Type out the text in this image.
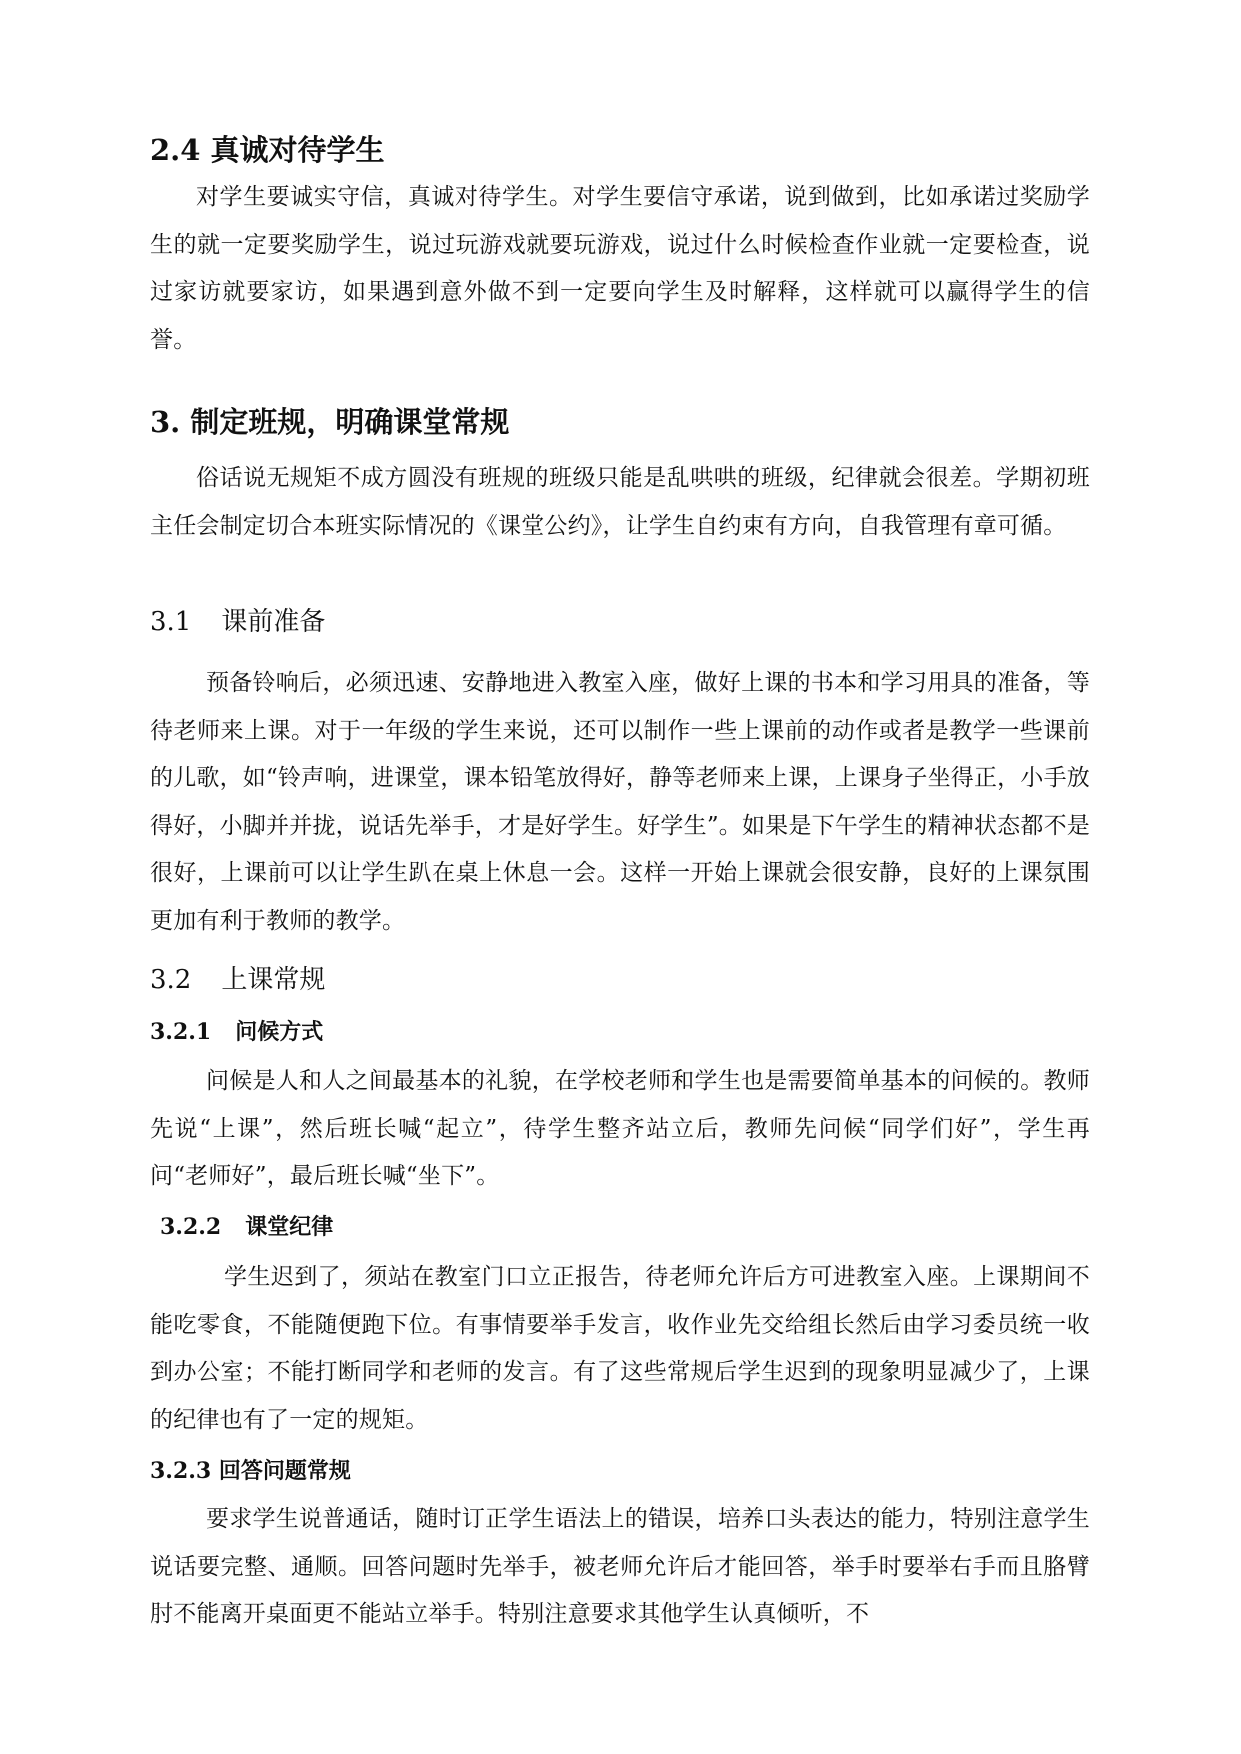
2.4 真诚对待学生

对学生要诚实守信，真诚对待学生。对学生要信守承诺，说到做到，比如承诺过奖励学生的就一定要奖励学生，说过玩游戏就要玩游戏，说过什么时候检查作业就一定要检查，说过家访就要家访，如果遇到意外做不到一定要向学生及时解释，这样就可以赢得学生的信誉。

3. 制定班规，明确课堂常规

俗话说无规矩不成方圆没有班规的班级只能是乱哄哄的班级，纪律就会很差。学期初班主任会制定切合本班实际情况的《课堂公约》，让学生自约束有方向，自我管理有章可循。

3.1 课前准备

预备铃响后，必须迅速、安静地进入教室入座，做好上课的书本和学习用具的准备，等待老师来上课。对于一年级的学生来说，还可以制作一些上课前的动作或者是教学一些课前的儿歌，如“铃声响，进课堂，课本铅笔放得好，静等老师来上课，上课身子坐得正，小手放得好，小脚并并拢，说话先举手，才是好学生。好学生”。如果是下午学生的精神状态都不是很好，上课前可以让学生趴在桌上休息一会。这样一开始上课就会很安静，良好的上课氛围更加有利于教师的教学。

3.2 上课常规
3.2.1 问候方式

问候是人和人之间最基本的礼貌，在学校老师和学生也是需要简单基本的问候的。教师先说“上课”，然后班长喊“起立”，待学生整齐站立后，教师先问候“同学们好”，学生再问“老师好”，最后班长喊“坐下”。

3.2.2 课堂纪律

学生迟到了，须站在教室门口立正报告，待老师允许后方可进教室入座。上课期间不能吃零食，不能随便跑下位。有事情要举手发言，收作业先交给组长然后由学习委员统一收到办公室；不能打断同学和老师的发言。有了这些常规后学生迟到的现象明显减少了，上课的纪律也有了一定的规矩。

3.2.3 回答问题常规

要求学生说普通话，随时订正学生语法上的错误，培养口头表达的能力，特别注意学生说话要完整、通顺。回答问题时先举手，被老师允许后才能回答，举手时要举右手而且胳臂肘不能离开桌面更不能站立举手。特别注意要求其他学生认真倾听，不
